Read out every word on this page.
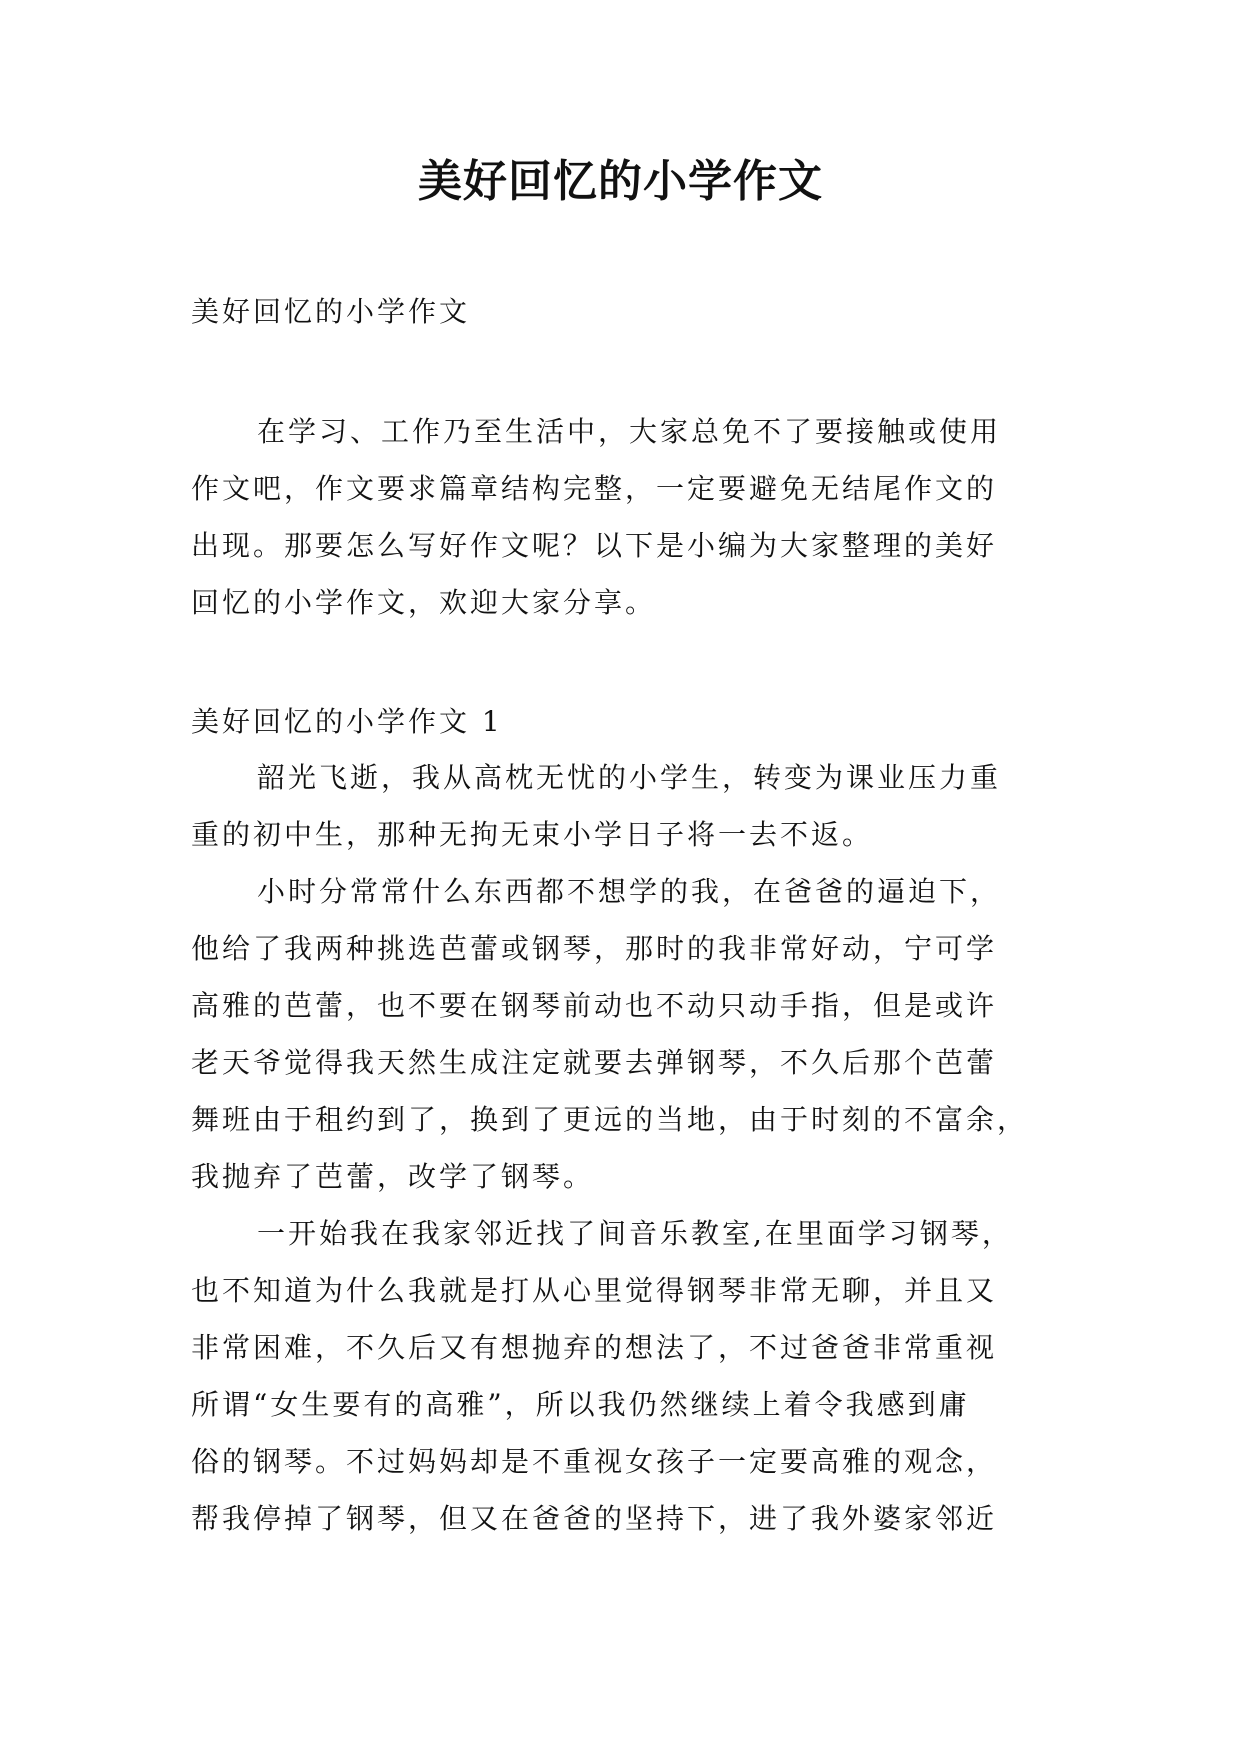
美好回忆的小学作文

美好回忆的小学作文

在学习、工作乃至生活中，大家总免不了要接触或使用
作文吧，作文要求篇章结构完整，一定要避免无结尾作文的
出现。那要怎么写好作文呢？以下是小编为大家整理的美好
回忆的小学作文，欢迎大家分享。

美好回忆的小学作文 1

韶光飞逝，我从高枕无忧的小学生，转变为课业压力重
重的初中生，那种无拘无束小学日子将一去不返。
小时分常常什么东西都不想学的我，在爸爸的逼迫下，
他给了我两种挑选芭蕾或钢琴，那时的我非常好动，宁可学
高雅的芭蕾，也不要在钢琴前动也不动只动手指，但是或许
老天爷觉得我天然生成注定就要去弹钢琴，不久后那个芭蕾
舞班由于租约到了，换到了更远的当地，由于时刻的不富余，
我抛弃了芭蕾，改学了钢琴。
一开始我在我家邻近找了间音乐教室,在里面学习钢琴，
也不知道为什么我就是打从心里觉得钢琴非常无聊，并且又
非常困难，不久后又有想抛弃的想法了，不过爸爸非常重视
所谓“女生要有的高雅”，所以我仍然继续上着令我感到庸
俗的钢琴。不过妈妈却是不重视女孩子一定要高雅的观念，
帮我停掉了钢琴，但又在爸爸的坚持下，进了我外婆家邻近
